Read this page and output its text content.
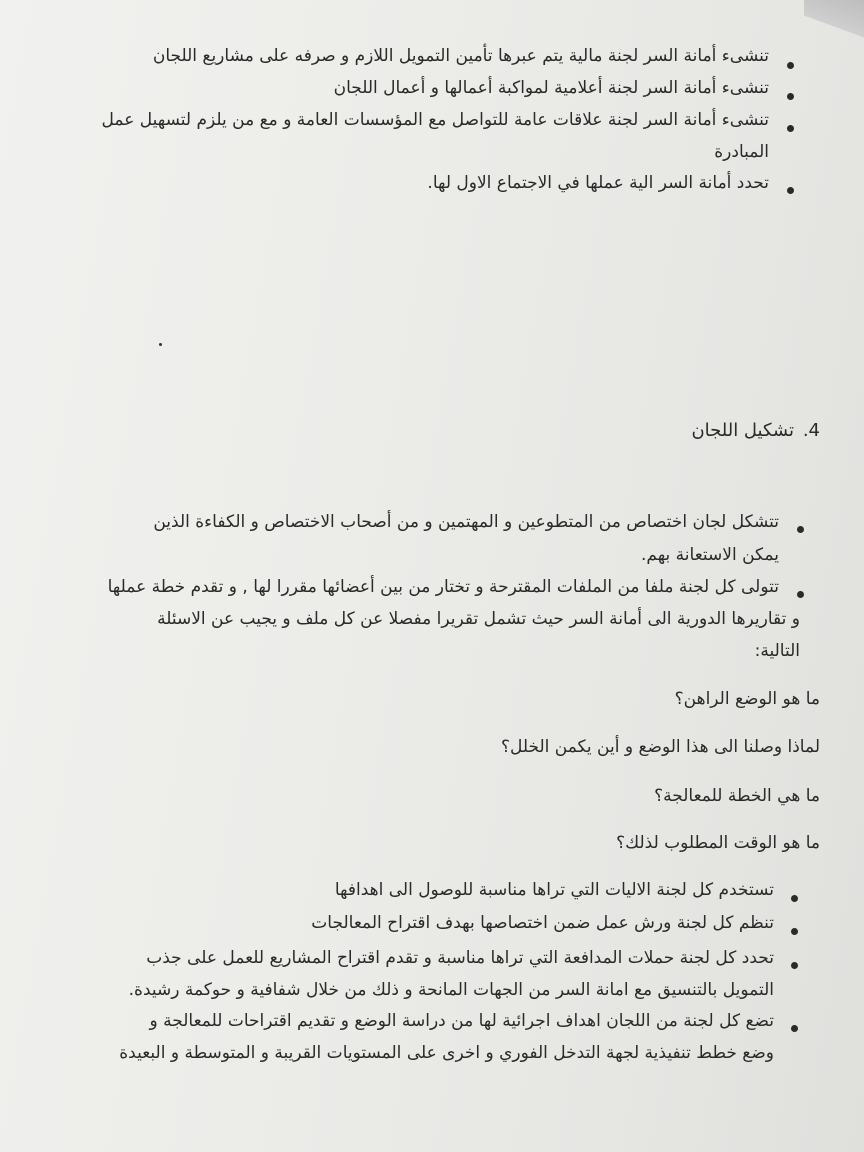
تنشىء أمانة السر لجنة مالية يتم عبرها تأمين التمويل اللازم و صرفه على مشاريع اللجان
تنشىء أمانة السر لجنة أعلامية لمواكبة أعمالها و أعمال اللجان
تنشىء أمانة السر لجنة علاقات عامة للتواصل مع المؤسسات العامة و مع من يلزم لتسهيل عمل
المبادرة
تحدد أمانة السر الية عملها في الاجتماع الاول لها.
4.
تشكيل اللجان
تتشكل لجان اختصاص من المتطوعين و المهتمين و من أصحاب الاختصاص و الكفاءة الذين
يمكن الاستعانة بهم.
تتولى كل لجنة ملفا من الملفات المقترحة و تختار من بين أعضائها مقررا لها , و تقدم خطة عملها
و تقاريرها الدورية الى أمانة السر حيث تشمل تقريرا مفصلا عن كل ملف و يجيب عن الاسئلة
التالية:
ما هو الوضع الراهن؟
لماذا وصلنا الى هذا الوضع و أين يكمن الخلل؟
ما هي الخطة للمعالجة؟
ما هو الوقت المطلوب لذلك؟
تستخدم كل لجنة الاليات التي تراها مناسبة للوصول الى اهدافها
تنظم كل لجنة ورش عمل ضمن اختصاصها بهدف اقتراح المعالجات
تحدد كل لجنة حملات المدافعة التي تراها مناسبة و تقدم اقتراح المشاريع للعمل على جذب
التمويل بالتنسيق مع امانة السر من الجهات المانحة و ذلك من خلال شفافية و حوكمة رشيدة.
تضع كل لجنة من اللجان اهداف اجرائية لها من دراسة الوضع و تقديم اقتراحات للمعالجة و
وضع خطط تنفيذية لجهة التدخل الفوري و اخرى على المستويات القريبة و المتوسطة و البعيدة
